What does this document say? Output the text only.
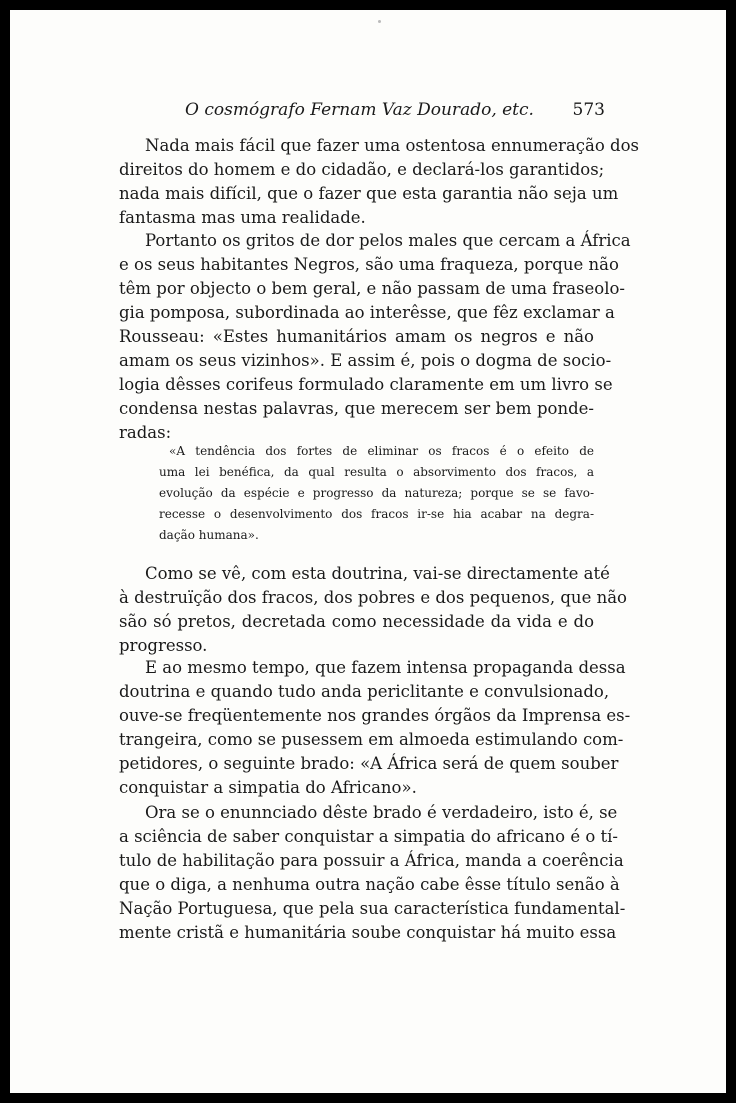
O cosmógrafo Fernam Vaz Dourado, etc. 573
Nada mais fácil que fazer uma ostentosa ennumeração dos
direitos do homem e do cidadão, e declará-los garantidos;
nada mais difícil, que o fazer que esta garantia não seja um
fantasma mas uma realidade.
Portanto os gritos de dor pelos males que cercam a África
e os seus habitantes Negros, são uma fraqueza, porque não
têm por objecto o bem geral, e não passam de uma fraseolo-
gia pomposa, subordinada ao interêsse, que fêz exclamar a
Rousseau: «Estes humanitários amam os negros e não
amam os seus vizinhos». E assim é, pois o dogma de socio-
logia dêsses corifeus formulado claramente em um livro se
condensa nestas palavras, que merecem ser bem ponde-
radas:
«A tendência dos fortes de eliminar os fracos é o efeito de
uma lei benéfica, da qual resulta o absorvimento dos fracos, a
evolução da espécie e progresso da natureza; porque se se favo-
recesse o desenvolvimento dos fracos ir-se hia acabar na degra-
dação humana».
Como se vê, com esta doutrina, vai-se directamente até
à destruïção dos fracos, dos pobres e dos pequenos, que não
são só pretos, decretada como necessidade da vida e do
progresso.
E ao mesmo tempo, que fazem intensa propaganda dessa
doutrina e quando tudo anda periclitante e convulsionado,
ouve-se freqüentemente nos grandes órgãos da Imprensa es-
trangeira, como se pusessem em almoeda estimulando com-
petidores, o seguinte brado: «A África será de quem souber
conquistar a simpatia do Africano».
Ora se o enunnciado dêste brado é verdadeiro, isto é, se
a sciência de saber conquistar a simpatia do africano é o tí-
tulo de habilitação para possuir a África, manda a coerência
que o diga, a nenhuma outra nação cabe êsse título senão à
Nação Portuguesa, que pela sua característica fundamental-
mente cristã e humanitária soube conquistar há muito essa
